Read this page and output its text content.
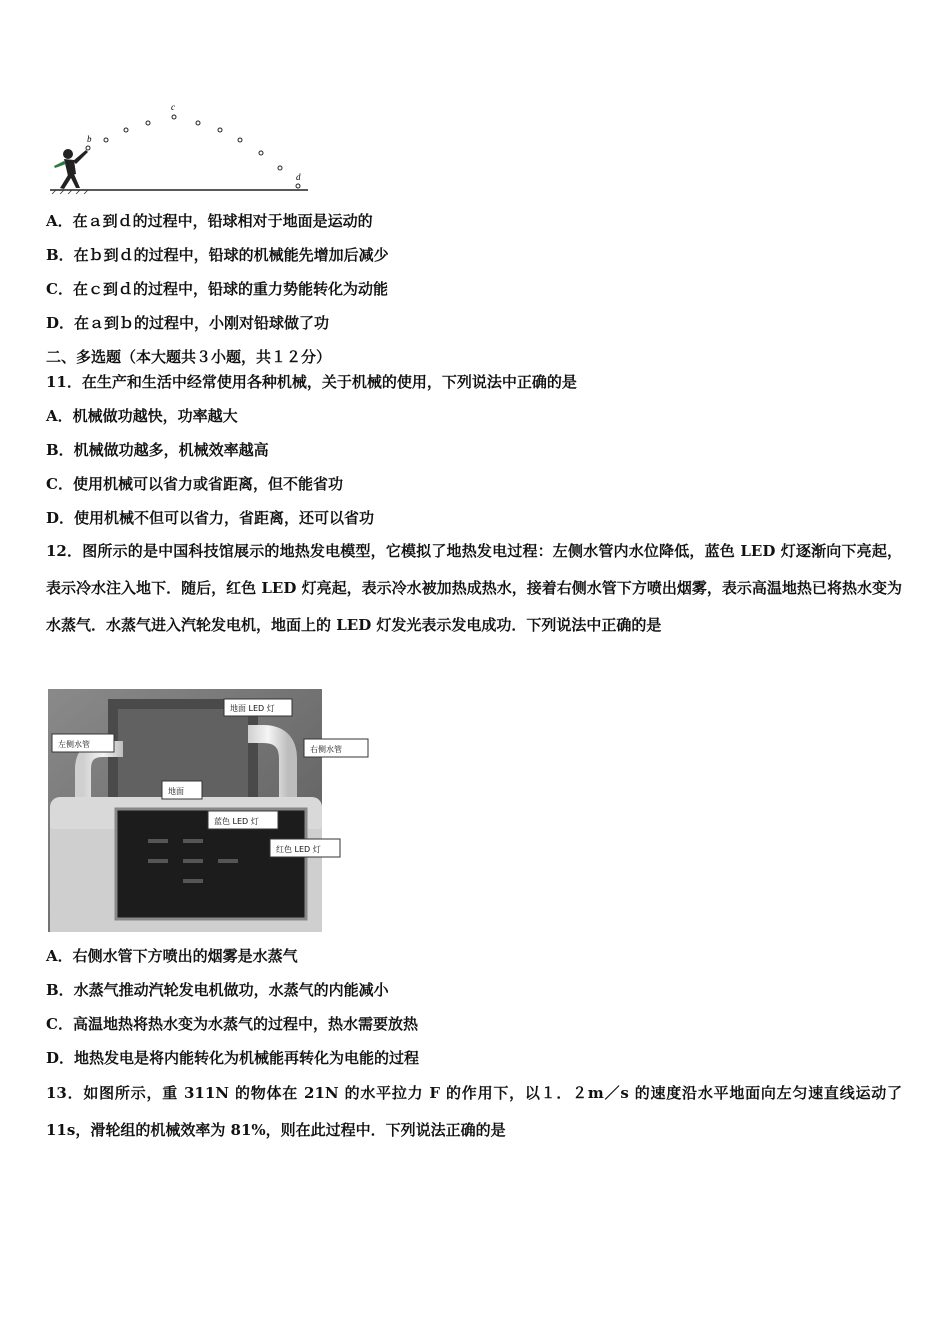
b
c
d
A．在ａ到ｄ的过程中，铅球相对于地面是运动的
B．在ｂ到ｄ的过程中，铅球的机械能先增加后减少
C．在ｃ到ｄ的过程中，铅球的重力势能转化为动能
D．在ａ到ｂ的过程中，小刚对铅球做了功
二、多选题（本大题共３小题，共１２分）
11．在生产和生活中经常使用各种机械，关于机械的使用，下列说法中正确的是
A．机械做功越快，功率越大
B．机械做功越多，机械效率越高
C．使用机械可以省力或省距离，但不能省功
D．使用机械不但可以省力，省距离，还可以省功
12．图所示的是中国科技馆展示的地热发电模型，它模拟了地热发电过程：左侧水管内水位降低，蓝色 LED 灯逐渐向下亮起，表示冷水注入地下．随后，红色 LED 灯亮起，表示冷水被加热成热水，接着右侧水管下方喷出烟雾，表示高温地热已将热水变为水蒸气．水蒸气进入汽轮发电机，地面上的 LED 灯发光表示发电成功．下列说法中正确的是
地面 LED 灯
左侧水管
右侧水管
地面
蓝色 LED 灯
红色 LED 灯
A．右侧水管下方喷出的烟雾是水蒸气
B．水蒸气推动汽轮发电机做功，水蒸气的内能减小
C．高温地热将热水变为水蒸气的过程中，热水需要放热
D．地热发电是将内能转化为机械能再转化为电能的过程
13．如图所示，重 311N 的物体在 21N 的水平拉力 F 的作用下，以１．２m／s 的速度沿水平地面向左匀速直线运动了11s，滑轮组的机械效率为 81%，则在此过程中．下列说法正确的是
